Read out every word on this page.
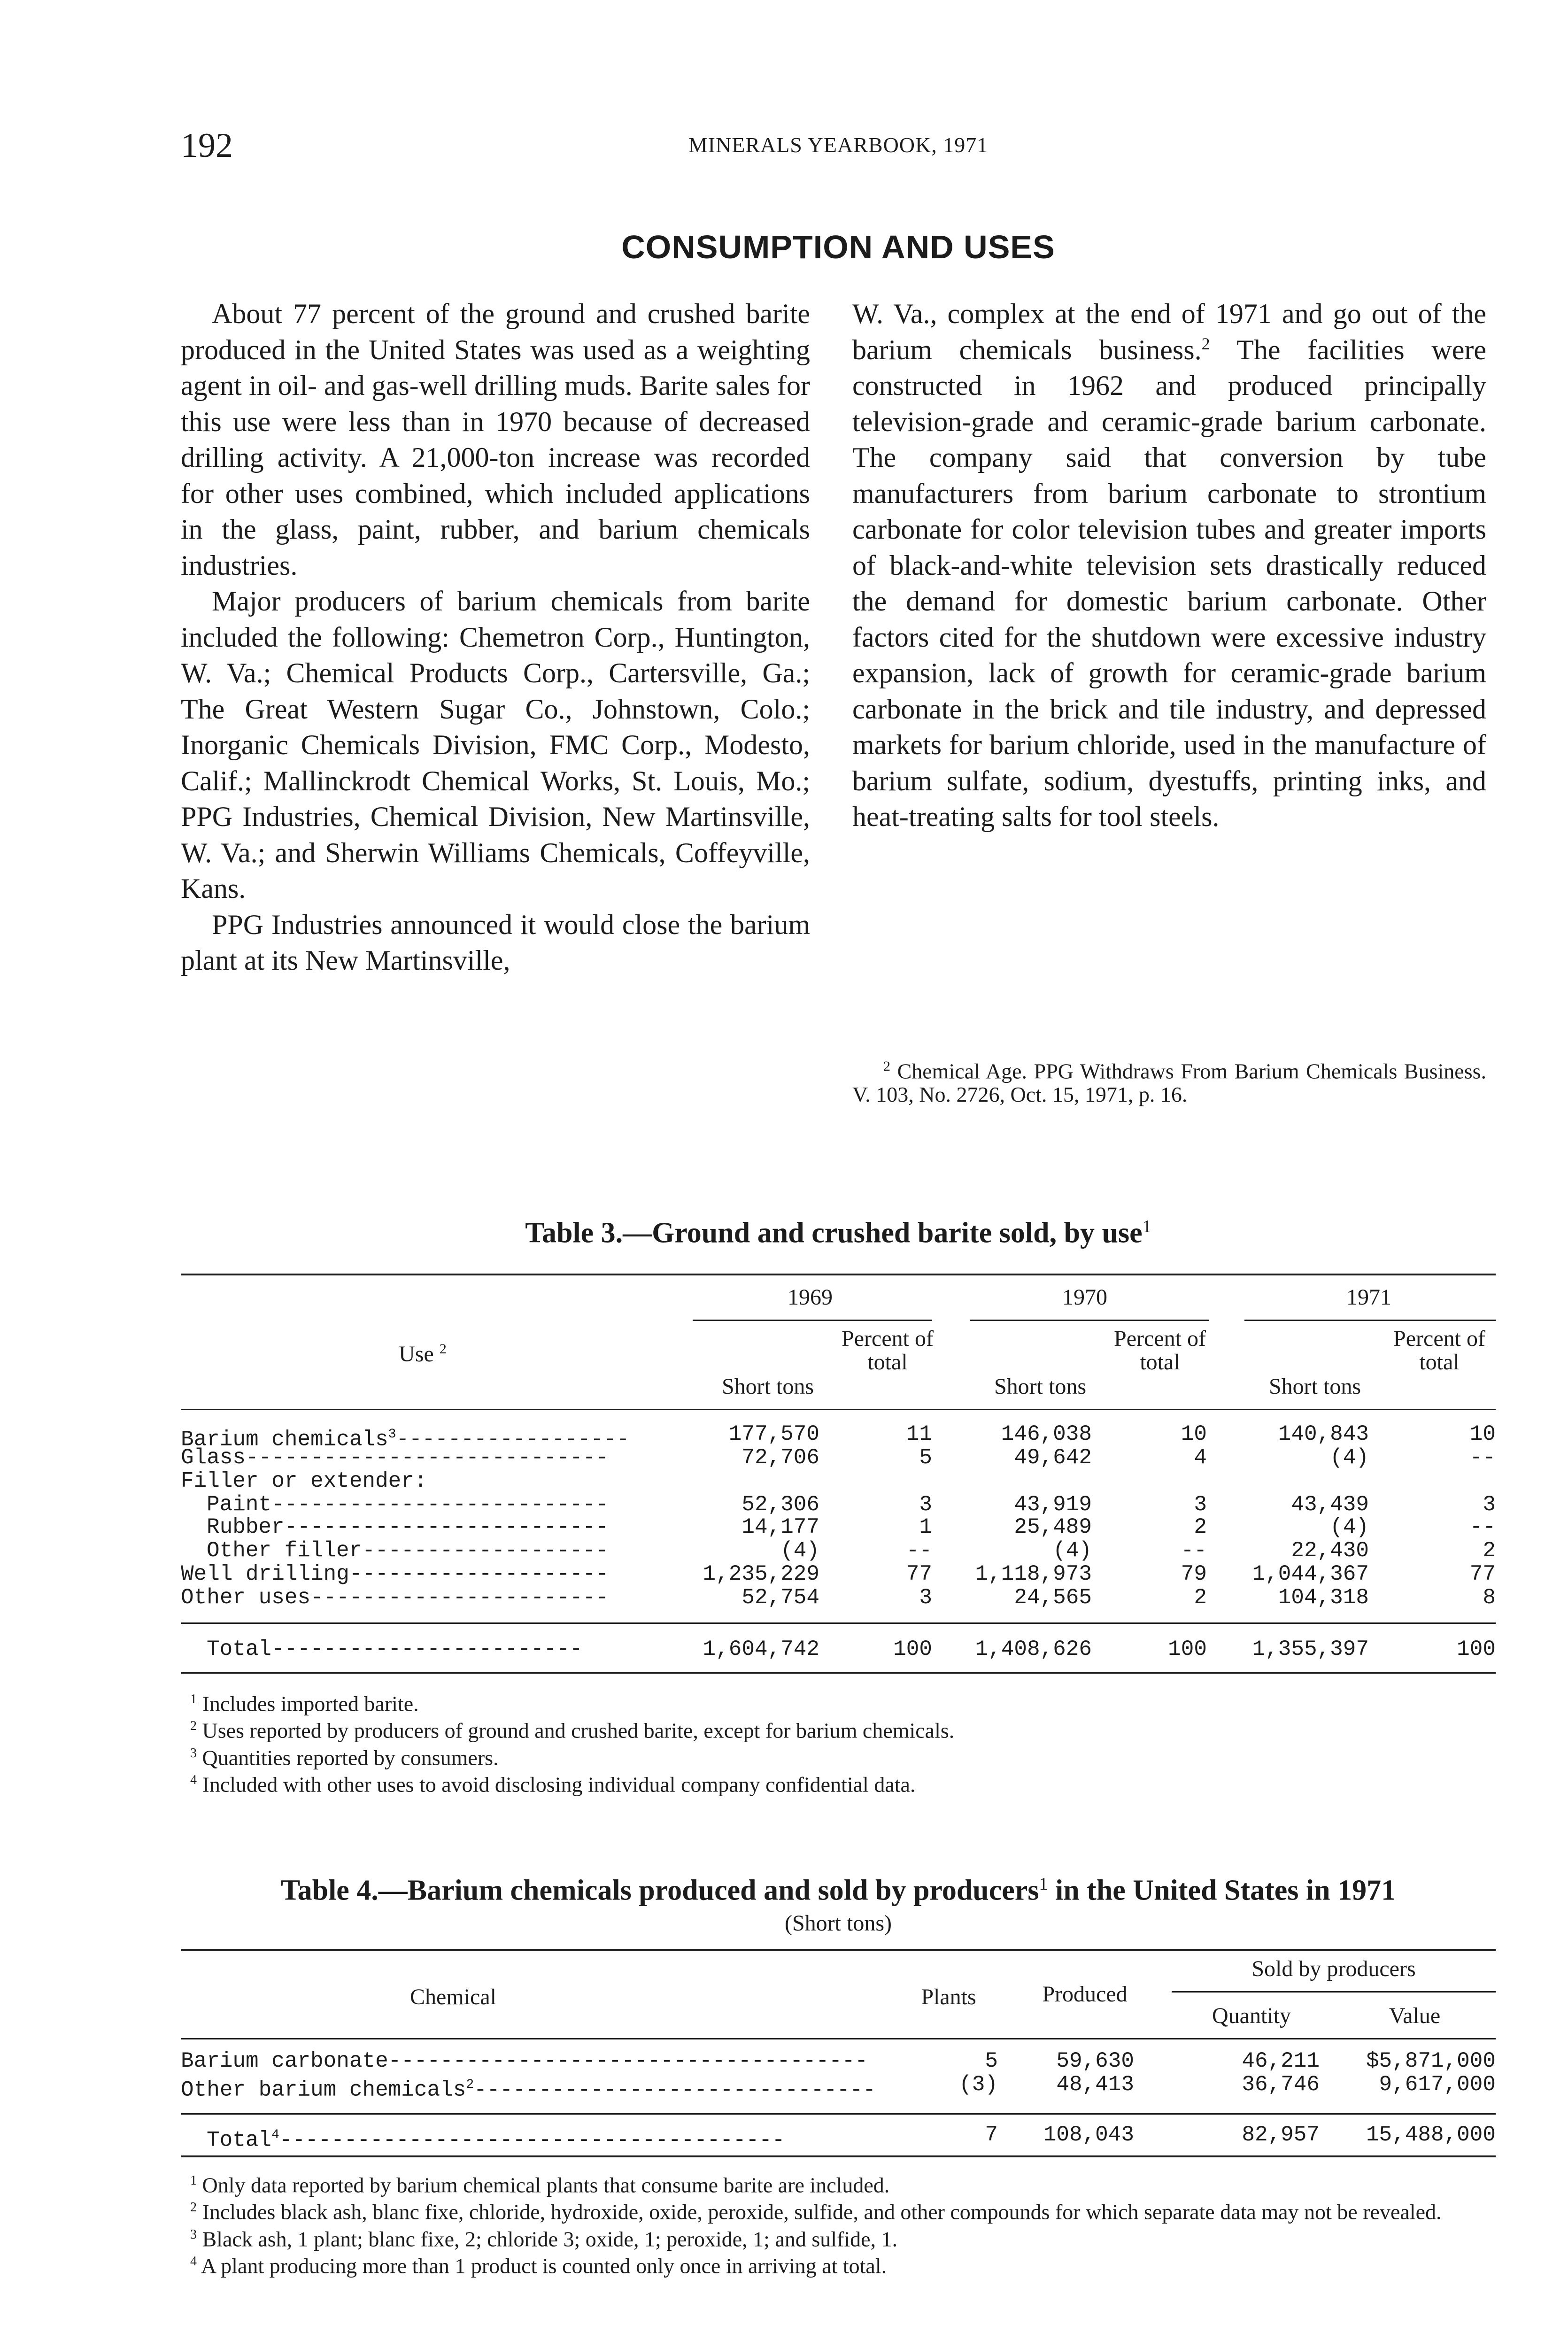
192	MINERALS YEARBOOK, 1971
CONSUMPTION AND USES

About 77 percent of the ground and crushed barite produced in the United States was used as a weighting agent in oil- and gas-well drilling muds. Barite sales for this use were less than in 1970 because of decreased drilling activity. A 21,000-ton increase was recorded for other uses combined, which included applications in the glass, paint, rubber, and barium chemicals industries.

Major producers of barium chemicals from barite included the following: Chemetron Corp., Huntington, W. Va.; Chemical Products Corp., Cartersville, Ga.; The Great Western Sugar Co., Johnstown, Colo.; Inorganic Chemicals Division, FMC Corp., Modesto, Calif.; Mallinckrodt Chemical Works, St. Louis, Mo.; PPG Industries, Chemical Division, New Martinsville, W. Va.; and Sherwin Williams Chemicals, Coffeyville, Kans.

PPG Industries announced it would close the barium plant at its New Martinsville,

W. Va., complex at the end of 1971 and go out of the barium chemicals business.$^2$ The facilities were constructed in 1962 and produced principally television-grade and ceramic-grade barium carbonate. The company said that conversion by tube manufacturers from barium carbonate to strontium carbonate for color television tubes and greater imports of black-and-white television sets drastically reduced the demand for domestic barium carbonate. Other factors cited for the shutdown were excessive industry expansion, lack of growth for ceramic-grade barium carbonate in the brick and tile industry, and depressed markets for barium chloride, used in the manufacture of barium sulfate, sodium, dyestuffs, printing inks, and heat-treating salts for tool steels.

$^2$ Chemical Age. PPG Withdraws From Barium Chemicals Business. V. 103, No. 2726, Oct. 15, 1971, p. 16.

Table 3.—Ground and crushed barite sold, by use$^1$
1969	1970	1971
Use $^2$
Short tons
Percent of total
Short tons
Percent of total
Short tons
Percent of total
Barium chemicals$^3$------------------	177,570	11	146,038	10	140,843	10
Glass----------------------------	72,706	5	49,642	4	(4)	--
Filler or extender:
Paint--------------------------	52,306	3	43,919	3	43,439	3
Rubber-------------------------	14,177	1	25,489	2	(4)	--
Other filler-------------------	(4)	--	(4)	--	22,430	2
Well drilling--------------------	1,235,229	77 1,118,973	79 1,044,367	77
Other uses-----------------------	52,754	3	24,565	2	104,318	8
Total------------------------	1,604,742	100 1,408,626	100 1,355,397	100

$^1$ Includes imported barite.

$^2$ Uses reported by producers of ground and crushed barite, except for barium chemicals.

$^3$ Quantities reported by consumers.

$^4$ Included with other uses to avoid disclosing individual company confidential data.

Table 4.—Barium chemicals produced and sold by producers$^1$ in the United States in 1971
(Short tons)
Chemical	Plants	Produced
Sold by producers
Quantity	Value
Barium carbonate-------------------------------------	5	59,630	46,211 $5,871,000
Other barium chemicals$^2$-------------------------------	(3)	48,413	36,746	9,617,000
Total$^4$---------------------------------------	7 108,043	82,957 15,488,000

$^1$ Only data reported by barium chemical plants that consume barite are included.

$^2$ Includes black ash, blanc fixe, chloride, hydroxide, oxide, peroxide, sulfide, and other compounds for which separate data may not be revealed.

$^3$ Black ash, 1 plant; blanc fixe, 2; chloride 3; oxide, 1; peroxide, 1; and sulfide, 1.

$^4$ A plant producing more than 1 product is counted only once in arriving at total.
